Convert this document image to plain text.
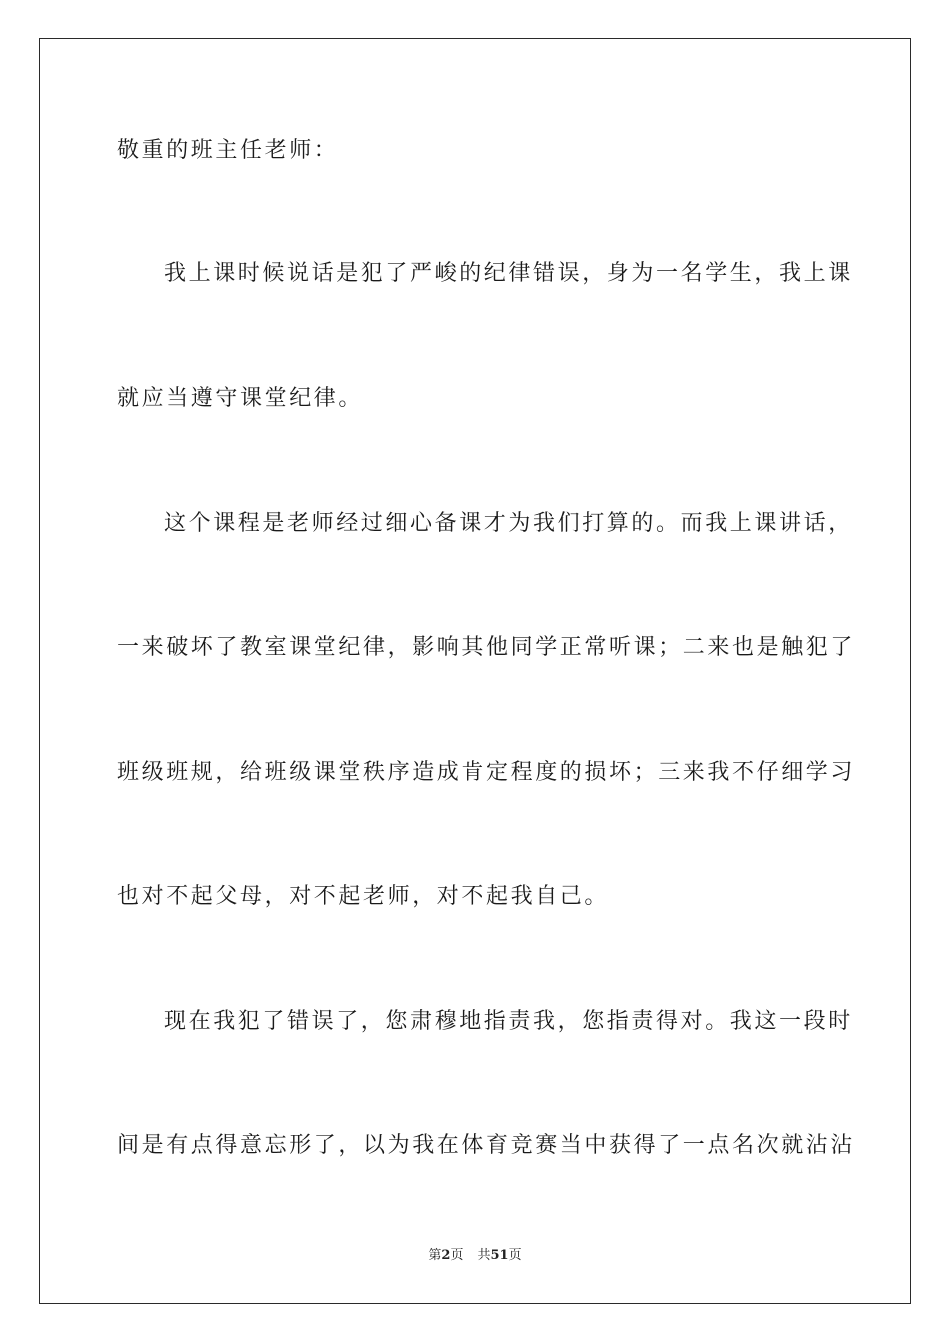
敬重的班主任老师：
我上课时候说话是犯了严峻的纪律错误，身为一名学生，我上课
就应当遵守课堂纪律。
这个课程是老师经过细心备课才为我们打算的。而我上课讲话，
一来破坏了教室课堂纪律，影响其他同学正常听课；二来也是触犯了
班级班规，给班级课堂秩序造成肯定程度的损坏；三来我不仔细学习
也对不起父母，对不起老师，对不起我自己。
现在我犯了错误了，您肃穆地指责我，您指责得对。我这一段时
间是有点得意忘形了，以为我在体育竞赛当中获得了一点名次就沾沾
第2页 共51页
